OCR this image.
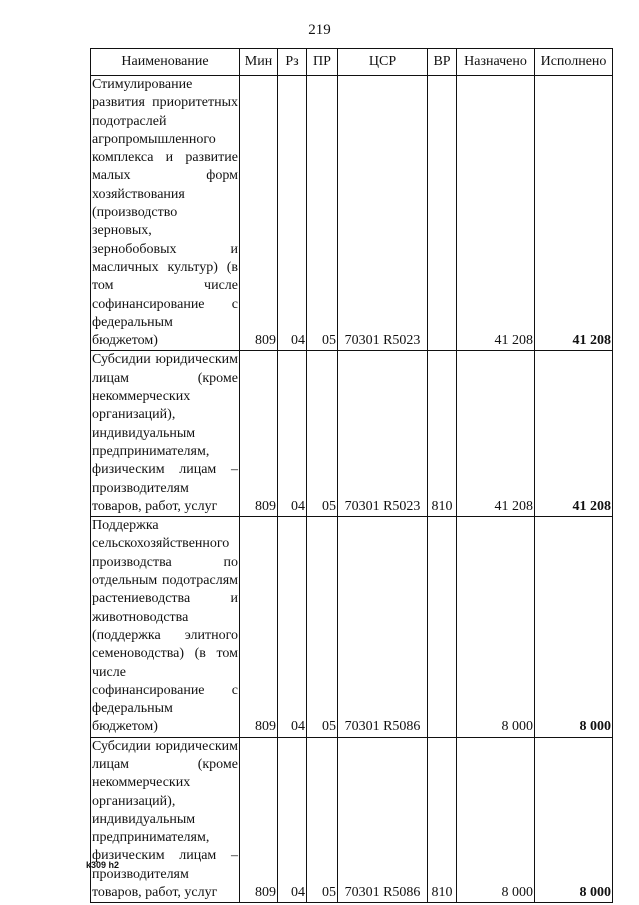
219
Наименование	Мин	Рз	ПР	ЦСР	ВР	Назначено	Исполнено
Стимулирование развития приоритетных подотраслей агропромышленного комплекса и развитие малых форм хозяйствования (производство зерновых, зернобобовых и масличных культур) (в том числе софинансирование с федеральным бюджетом)	809	04	05	70301 R5023		41 208	41 208
Субсидии юридическим лицам (кроме некоммерческих организаций), индивидуальным предпринимателям, физическим лицам – производителям товаров, работ, услуг	809	04	05	70301 R5023	810	41 208	41 208
Поддержка сельскохозяйственного производства по отдельным подотраслям растениеводства и животноводства (поддержка элитного семеноводства) (в том числе софинансирование с федеральным бюджетом)	809	04	05	70301 R5086		8 000	8 000
Субсидии юридическим лицам (кроме некоммерческих организаций), индивидуальным предпринимателям, физическим лицам – производителям товаров, работ, услуг	809	04	05	70301 R5086	810	8 000	8 000
k309 h2
